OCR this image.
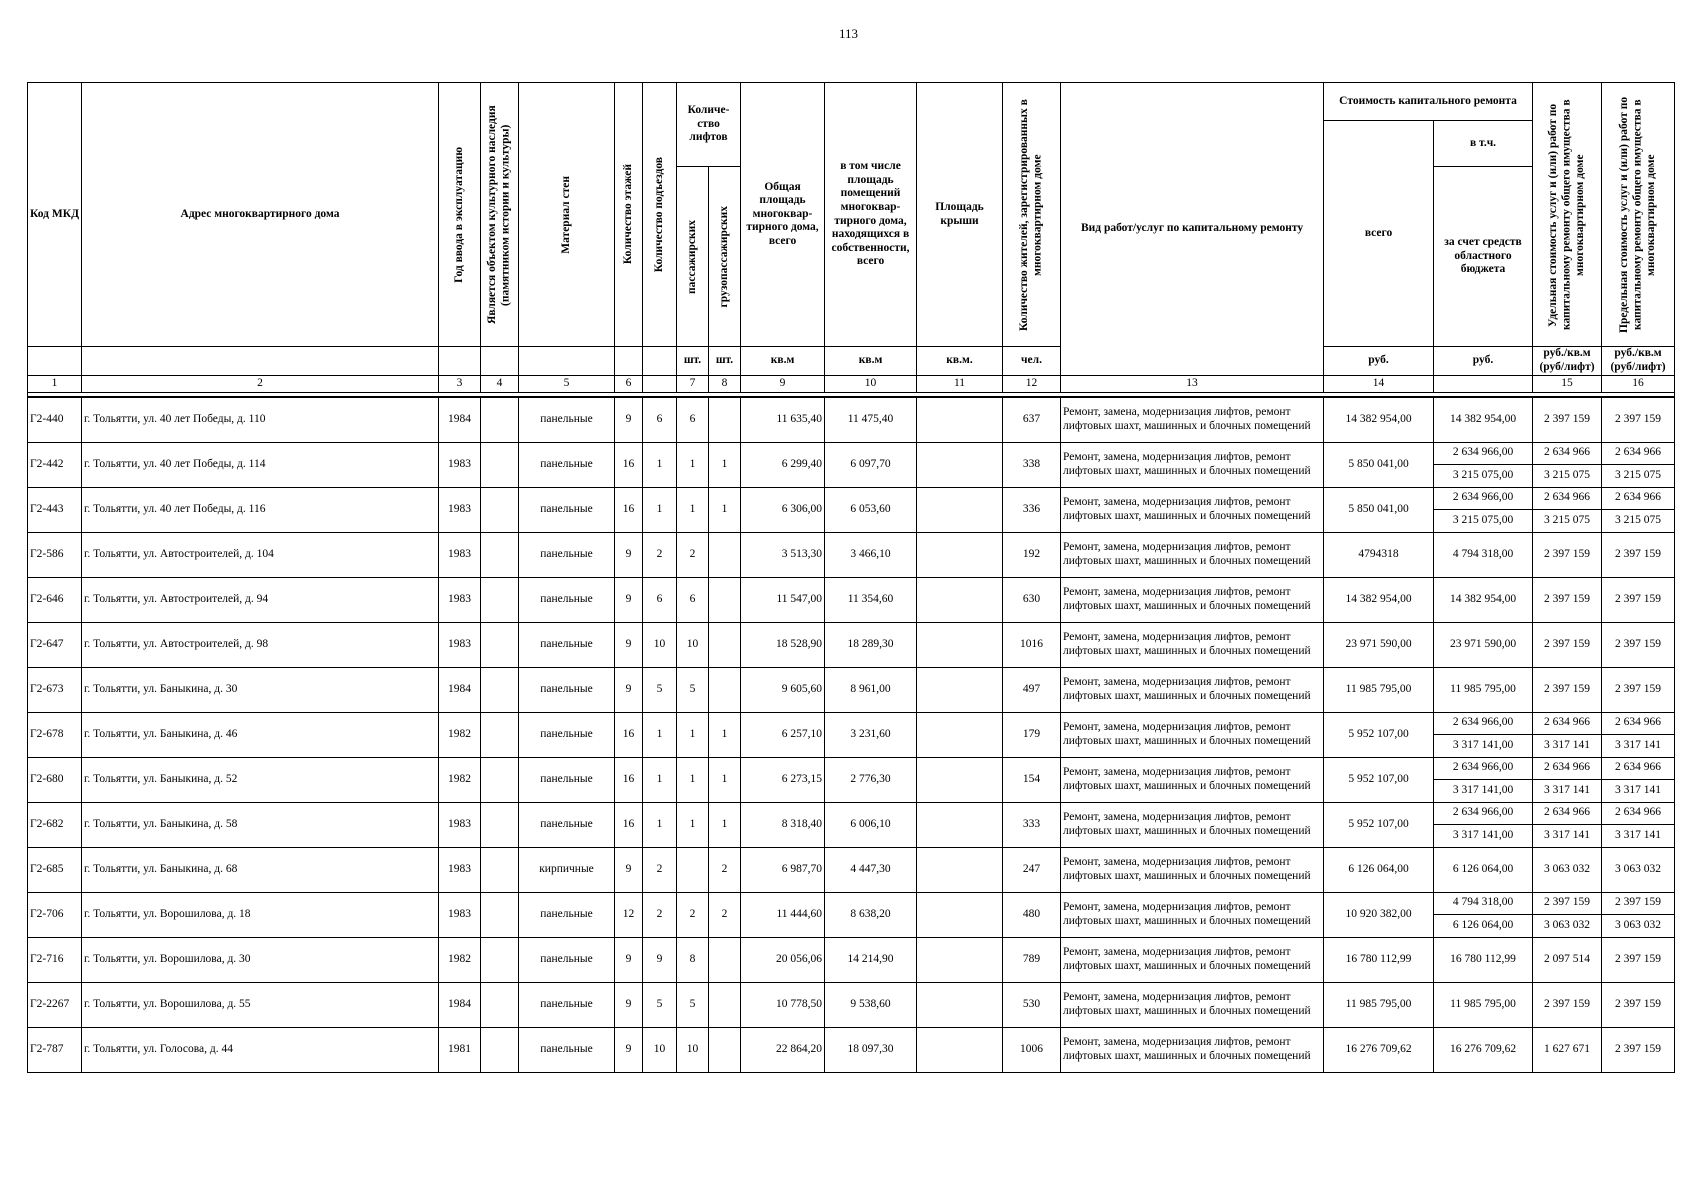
113
Код МКД	Адрес многоквартирного дома	Год ввода в эксплуатацию	Является объектом культурного наследия (памятником истории и культуры)	Материал стен	Количество этажей	Количество подъездов	Количе-ство лифтов		Общая площадь многоквар-тирного дома, всего	в том числе площадь помещений многоквар-тирного дома, находящихся в собственности, всего	Площадь крыши	Количество жителей, зарегистрированных в многоквартирном доме	Вид работ/услуг по капитальному ремонту	Стоимость капитального ремонта		Удельная стоимость услуг и (или) работ по капитальному ремонту общего имущества в многоквартирном доме	Предельная стоимость услуг и (или) работ по капитальному ремонту общего имущества в многоквартирном доме

														всего	в т.ч.		

							пассажирских	грузопассажирских							за счет средств областного бюджета		
							шт.	шт.	кв.м	кв.м	кв.м.	чел.		руб.	руб.	руб./кв.м (руб/лифт)	руб./кв.м (руб/лифт)
1	2	3	4	5	6		7	8	9	10	11	12	13	14		15	16

Г2-440	г. Тольятти, ул. 40 лет Победы, д. 110	1984		панельные	9	6	6		11 635,40	11 475,40		637	Ремонт, замена, модернизация лифтов, ремонт лифтовых шахт, машинных и блочных помещений	14 382 954,00	14 382 954,00	2 397 159	2 397 159
Г2-442	г. Тольятти, ул. 40 лет Победы, д. 114	1983		панельные	16	1	1	1	6 299,40	6 097,70		338	Ремонт, замена, модернизация лифтов, ремонт лифтовых шахт, машинных и блочных помещений	5 850 041,00	2 634 966,00	2 634 966	2 634 966
															3 215 075,00	3 215 075	3 215 075
Г2-443	г. Тольятти, ул. 40 лет Победы, д. 116	1983		панельные	16	1	1	1	6 306,00	6 053,60		336	Ремонт, замена, модернизация лифтов, ремонт лифтовых шахт, машинных и блочных помещений	5 850 041,00	2 634 966,00	2 634 966	2 634 966
															3 215 075,00	3 215 075	3 215 075
Г2-586	г. Тольятти, ул. Автостроителей, д. 104	1983		панельные	9	2	2		3 513,30	3 466,10		192	Ремонт, замена, модернизация лифтов, ремонт лифтовых шахт, машинных и блочных помещений	4794318	4 794 318,00	2 397 159	2 397 159
Г2-646	г. Тольятти, ул. Автостроителей, д. 94	1983		панельные	9	6	6		11 547,00	11 354,60		630	Ремонт, замена, модернизация лифтов, ремонт лифтовых шахт, машинных и блочных помещений	14 382 954,00	14 382 954,00	2 397 159	2 397 159
Г2-647	г. Тольятти, ул. Автостроителей, д. 98	1983		панельные	9	10	10		18 528,90	18 289,30		1016	Ремонт, замена, модернизация лифтов, ремонт лифтовых шахт, машинных и блочных помещений	23 971 590,00	23 971 590,00	2 397 159	2 397 159
Г2-673	г. Тольятти, ул. Баныкина, д. 30	1984		панельные	9	5	5		9 605,60	8 961,00		497	Ремонт, замена, модернизация лифтов, ремонт лифтовых шахт, машинных и блочных помещений	11 985 795,00	11 985 795,00	2 397 159	2 397 159
Г2-678	г. Тольятти, ул. Баныкина, д. 46	1982		панельные	16	1	1	1	6 257,10	3 231,60		179	Ремонт, замена, модернизация лифтов, ремонт лифтовых шахт, машинных и блочных помещений	5 952 107,00	2 634 966,00	2 634 966	2 634 966
															3 317 141,00	3 317 141	3 317 141
Г2-680	г. Тольятти, ул. Баныкина, д. 52	1982		панельные	16	1	1	1	6 273,15	2 776,30		154	Ремонт, замена, модернизация лифтов, ремонт лифтовых шахт, машинных и блочных помещений	5 952 107,00	2 634 966,00	2 634 966	2 634 966
															3 317 141,00	3 317 141	3 317 141
Г2-682	г. Тольятти, ул. Баныкина, д. 58	1983		панельные	16	1	1	1	8 318,40	6 006,10		333	Ремонт, замена, модернизация лифтов, ремонт лифтовых шахт, машинных и блочных помещений	5 952 107,00	2 634 966,00	2 634 966	2 634 966
															3 317 141,00	3 317 141	3 317 141
Г2-685	г. Тольятти, ул. Баныкина, д. 68	1983		кирпичные	9	2		2	6 987,70	4 447,30		247	Ремонт, замена, модернизация лифтов, ремонт лифтовых шахт, машинных и блочных помещений	6 126 064,00	6 126 064,00	3 063 032	3 063 032
Г2-706	г. Тольятти, ул. Ворошилова, д. 18	1983		панельные	12	2	2	2	11 444,60	8 638,20		480	Ремонт, замена, модернизация лифтов, ремонт лифтовых шахт, машинных и блочных помещений	10 920 382,00	4 794 318,00	2 397 159	2 397 159
															6 126 064,00	3 063 032	3 063 032
Г2-716	г. Тольятти, ул. Ворошилова, д. 30	1982		панельные	9	9	8		20 056,06	14 214,90		789	Ремонт, замена, модернизация лифтов, ремонт лифтовых шахт, машинных и блочных помещений	16 780 112,99	16 780 112,99	2 097 514	2 397 159
Г2-2267	г. Тольятти, ул. Ворошилова, д. 55	1984		панельные	9	5	5		10 778,50	9 538,60		530	Ремонт, замена, модернизация лифтов, ремонт лифтовых шахт, машинных и блочных помещений	11 985 795,00	11 985 795,00	2 397 159	2 397 159
Г2-787	г. Тольятти, ул. Голосова, д. 44	1981		панельные	9	10	10		22 864,20	18 097,30		1006	Ремонт, замена, модернизация лифтов, ремонт лифтовых шахт, машинных и блочных помещений	16 276 709,62	16 276 709,62	1 627 671	2 397 159
